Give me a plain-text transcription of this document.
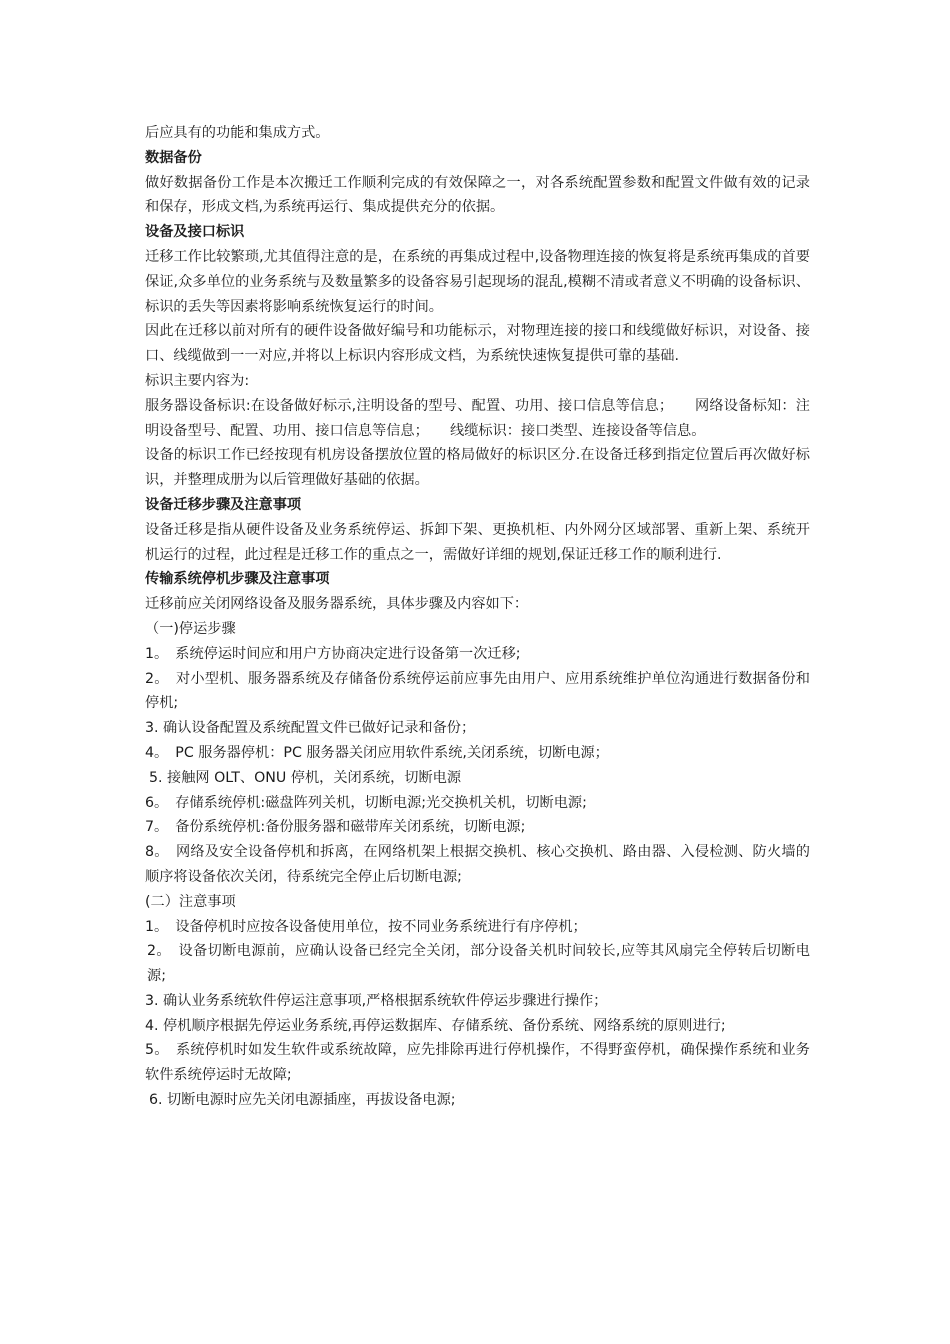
后应具有的功能和集成方式。

数据备份

做好数据备份工作是本次搬迁工作顺利完成的有效保障之一，对各系统配置参数和配置文件做有效的记录和保存，形成文档,为系统再运行、集成提供充分的依据。

设备及接口标识

迁移工作比较繁琐,尤其值得注意的是，在系统的再集成过程中,设备物理连接的恢复将是系统再集成的首要保证,众多单位的业务系统与及数量繁多的设备容易引起现场的混乱,模糊不清或者意义不明确的设备标识、标识的丢失等因素将影响系统恢复运行的时间。

因此在迁移以前对所有的硬件设备做好编号和功能标示，对物理连接的接口和线缆做好标识，对设备、接口、线缆做到一一对应,并将以上标识内容形成文档，为系统快速恢复提供可靠的基础.

标识主要内容为:

服务器设备标识:在设备做好标示,注明设备的型号、配置、功用、接口信息等信息；　　网络设备标知：注明设备型号、配置、功用、接口信息等信息；　　线缆标识：接口类型、连接设备等信息。

设备的标识工作已经按现有机房设备摆放位置的格局做好的标识区分.在设备迁移到指定位置后再次做好标识，并整理成册为以后管理做好基础的依据。

设备迁移步骤及注意事项

设备迁移是指从硬件设备及业务系统停运、拆卸下架、更换机柜、内外网分区域部署、重新上架、系统开机运行的过程，此过程是迁移工作的重点之一，需做好详细的规划,保证迁移工作的顺利进行.

传输系统停机步骤及注意事项

迁移前应关闭网络设备及服务器系统，具体步骤及内容如下：

（一)停运步骤

1。　系统停运时间应和用户方协商决定进行设备第一次迁移;

2。　对小型机、服务器系统及存储备份系统停运前应事先由用户、应用系统维护单位沟通进行数据备份和停机;

3. 确认设备配置及系统配置文件已做好记录和备份；

4。　PC 服务器停机：PC 服务器关闭应用软件系统,关闭系统，切断电源；

5. 接触网 OLT、ONU 停机，关闭系统，切断电源

6。　存储系统停机:磁盘阵列关机，切断电源;光交换机关机，切断电源;

7。　备份系统停机:备份服务器和磁带库关闭系统，切断电源;

8。　网络及安全设备停机和拆离，在网络机架上根据交换机、核心交换机、路由器、入侵检测、防火墙的顺序将设备依次关闭，待系统完全停止后切断电源;

(二）注意事项

1。　设备停机时应按各设备使用单位，按不同业务系统进行有序停机；

2。　设备切断电源前，应确认设备已经完全关闭，部分设备关机时间较长,应等其风扇完全停转后切断电源;

3. 确认业务系统软件停运注意事项,严格根据系统软件停运步骤进行操作；

4. 停机顺序根据先停运业务系统,再停运数据库、存储系统、备份系统、网络系统的原则进行;

5。　系统停机时如发生软件或系统故障，应先排除再进行停机操作，不得野蛮停机，确保操作系统和业务软件系统停运时无故障;

6. 切断电源时应先关闭电源插座，再拔设备电源;
